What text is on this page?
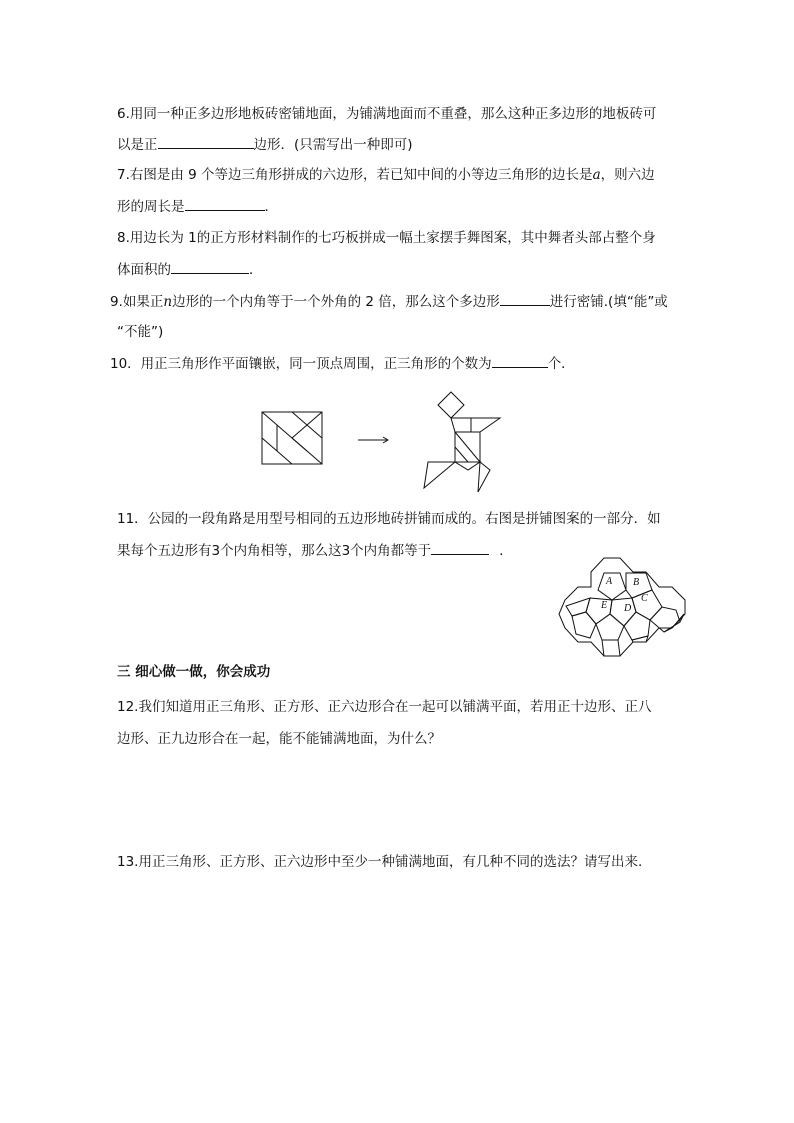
6.用同一种正多边形地板砖密铺地面，为铺满地面而不重叠，那么这种正多边形的地板砖可
以是正	边形．(只需写出一种即可)
7.右图是由 9 个等边三角形拼成的六边形，若已知中间的小等边三角形的边长是a，则六边
形的周长是	．
8.用边长为 1的正方形材料制作的七巧板拼成一幅土家摆手舞图案，其中舞者头部占整个身
体面积的	．
9.如果正n边形的一个内角等于一个外角的 2 倍，那么这个多边形	进行密铺.(填“能”或
“不能”)
10．用正三角形作平面镶嵌，同一顶点周围，正三角形的个数为	个．
11．公园的一段角路是用型号相同的五边形地砖拼铺而成的。右图是拼铺图案的一部分．如
果每个五边形有3个内角相等，那么这3个内角都等于	．
A B
C
D
E
三 细心做一做，你会成功
12.我们知道用正三角形、正方形、正六边形合在一起可以铺满平面，若用正十边形、正八
边形、正九边形合在一起，能不能铺满地面，为什么？
13.用正三角形、正方形、正六边形中至少一种铺满地面，有几种不同的选法？请写出来.
